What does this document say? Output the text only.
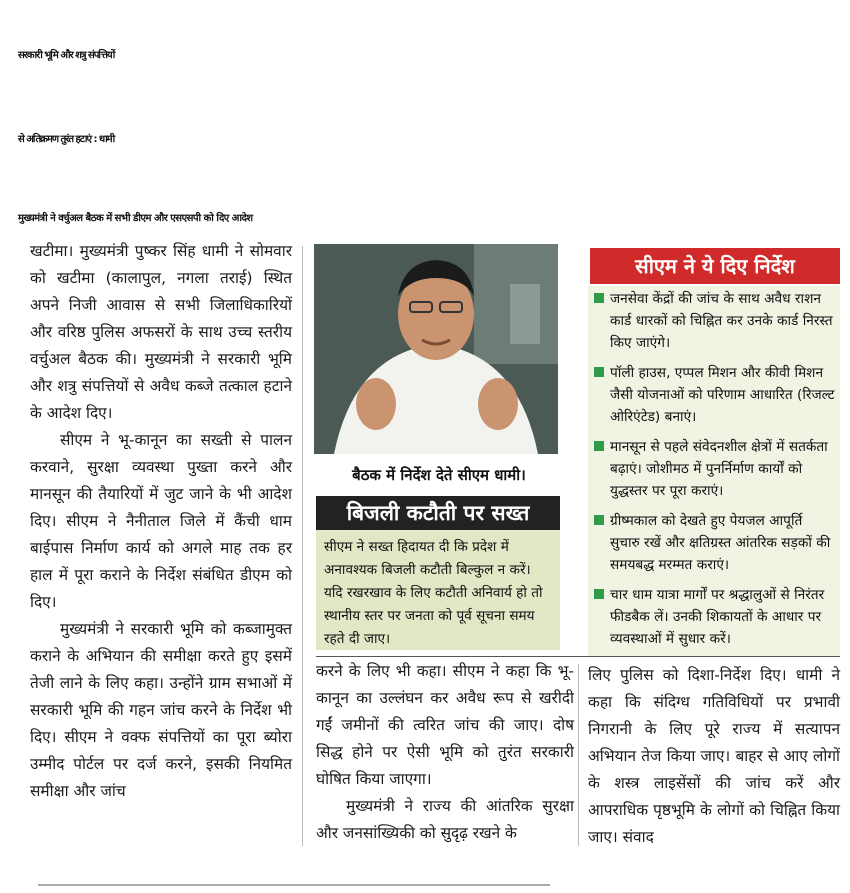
सरकारी भूमि और शत्रु संपत्तियों
से अतिक्रमण तुरंत हटाएं : धामी
मुख्यमंत्री ने वर्चुअल बैठक में सभी डीएम और एसएसपी को दिए आदेश

खटीमा। मुख्यमंत्री पुष्कर सिंह धामी ने सोमवार को खटीमा (कालापुल, नगला तराई) स्थित अपने निजी आवास से सभी जिलाधिकारियों और वरिष्ठ पुलिस अफसरों के साथ उच्च स्तरीय वर्चुअल बैठक की। मुख्यमंत्री ने सरकारी भूमि और शत्रु संपत्तियों से अवैध कब्जे तत्काल हटाने के आदेश दिए।

सीएम ने भू-कानून का सख्ती से पालन करवाने, सुरक्षा व्यवस्था पुख्ता करने और मानसून की तैयारियों में जुट जाने के भी आदेश दिए। सीएम ने नैनीताल जिले में कैंची धाम बाईपास निर्माण कार्य को अगले माह तक हर हाल में पूरा कराने के निर्देश संबंधित डीएम को दिए।

मुख्यमंत्री ने सरकारी भूमि को कब्जामुक्त कराने के अभियान की समीक्षा करते हुए इसमें तेजी लाने के लिए कहा। उन्होंने ग्राम सभाओं में सरकारी भूमि की गहन जांच करने के निर्देश भी दिए। सीएम ने वक्फ संपत्तियों का पूरा ब्योरा उम्मीद पोर्टल पर दर्ज करने, इसकी नियमित समीक्षा और जांच

बैठक में निर्देश देते सीएम धामी।
बिजली कटौती पर सख्त
सीएम ने सख्त हिदायत दी कि प्रदेश में अनावश्यक बिजली कटौती बिल्कुल न करें। यदि रखरखाव के लिए कटौती अनिवार्य हो तो स्थानीय स्तर पर जनता को पूर्व सूचना समय रहते दी जाए।
सीएम ने ये दिए निर्देश
जनसेवा केंद्रों की जांच के साथ अवैध राशन कार्ड धारकों को चिह्नित कर उनके कार्ड निरस्त किए जाएंगे।
पॉली हाउस, एप्पल मिशन और कीवी मिशन जैसी योजनाओं को परिणाम आधारित (रिजल्ट ओरिएंटेड) बनाएं।
मानसून से पहले संवेदनशील क्षेत्रों में सतर्कता बढ़ाएं। जोशीमठ में पुनर्निर्माण कार्यों को युद्धस्तर पर पूरा कराएं।
ग्रीष्मकाल को देखते हुए पेयजल आपूर्ति सुचारु रखें और क्षतिग्रस्त आंतरिक सड़कों की समयबद्ध मरम्मत कराएं।
चार धाम यात्रा मार्गों पर श्रद्धालुओं से निरंतर फीडबैक लें। उनकी शिकायतों के आधार पर व्यवस्थाओं में सुधार करें।

करने के लिए भी कहा। सीएम ने कहा कि भू-कानून का उल्लंघन कर अवैध रूप से खरीदी गईं जमीनों की त्वरित जांच की जाए। दोष सिद्ध होने पर ऐसी भूमि को तुरंत सरकारी घोषित किया जाएगा।

मुख्यमंत्री ने राज्य की आंतरिक सुरक्षा और जनसांख्यिकी को सुदृढ़ रखने के

लिए पुलिस को दिशा-निर्देश दिए। धामी ने कहा कि संदिग्ध गतिविधियों पर प्रभावी निगरानी के लिए पूरे राज्य में सत्यापन अभियान तेज किया जाए। बाहर से आए लोगों के शस्त्र लाइसेंसों की जांच करें और आपराधिक पृष्ठभूमि के लोगों को चिह्नित किया जाए। संवाद
